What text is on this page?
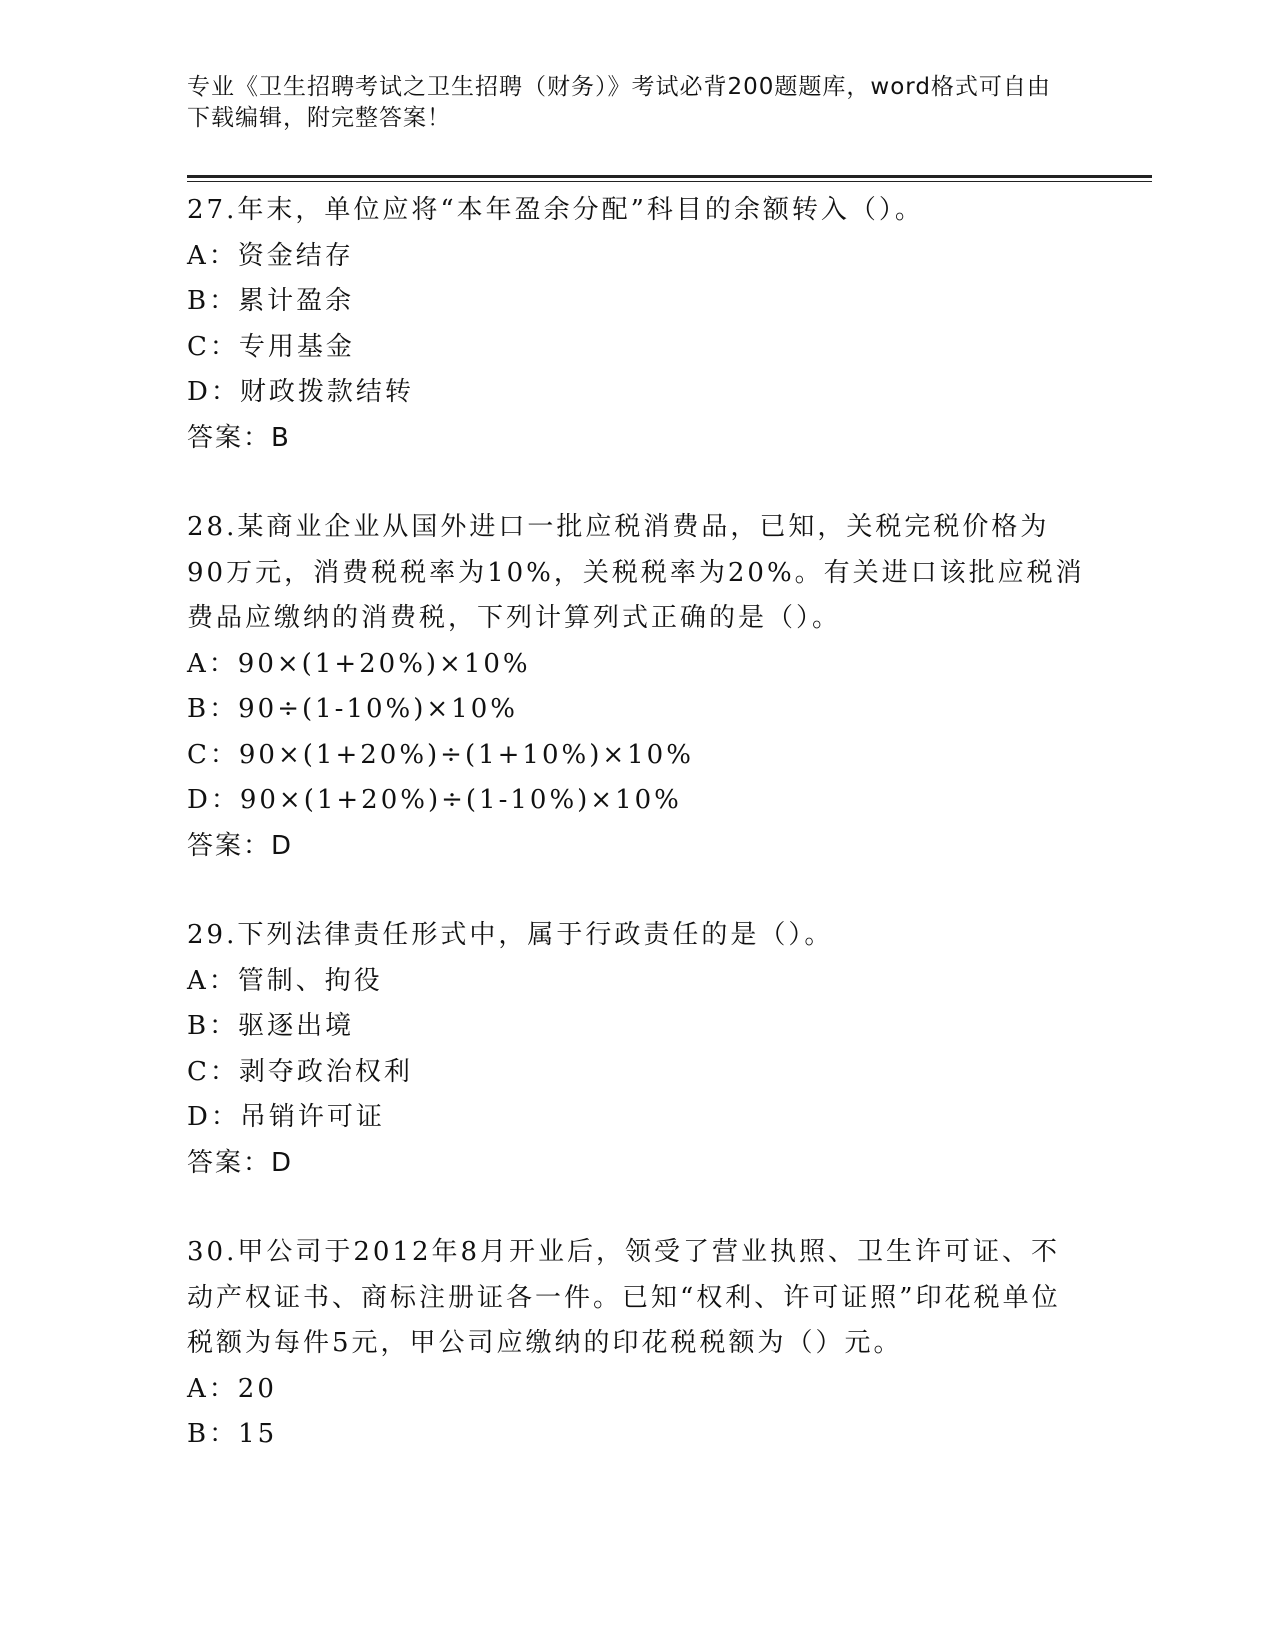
专业《卫生招聘考试之卫生招聘（财务）》考试必背200题题库，word格式可自由下载编辑，附完整答案！
27.年末，单位应将“本年盈余分配”科目的余额转入（）。
A：资金结存
B：累计盈余
C：专用基金
D：财政拨款结转
答案：B
28.某商业企业从国外进口一批应税消费品，已知，关税完税价格为90万元，消费税税率为10%，关税税率为20%。有关进口该批应税消费品应缴纳的消费税，下列计算列式正确的是（）。
A：90×(1+20%)×10%
B：90÷(1-10%)×10%
C：90×(1+20%)÷(1+10%)×10%
D：90×(1+20%)÷(1-10%)×10%
答案：D
29.下列法律责任形式中，属于行政责任的是（）。
A：管制、拘役
B：驱逐出境
C：剥夺政治权利
D：吊销许可证
答案：D
30.甲公司于2012年8月开业后，领受了营业执照、卫生许可证、不动产权证书、商标注册证各一件。已知“权利、许可证照”印花税单位税额为每件5元，甲公司应缴纳的印花税税额为（）元。
A：20
B：15
